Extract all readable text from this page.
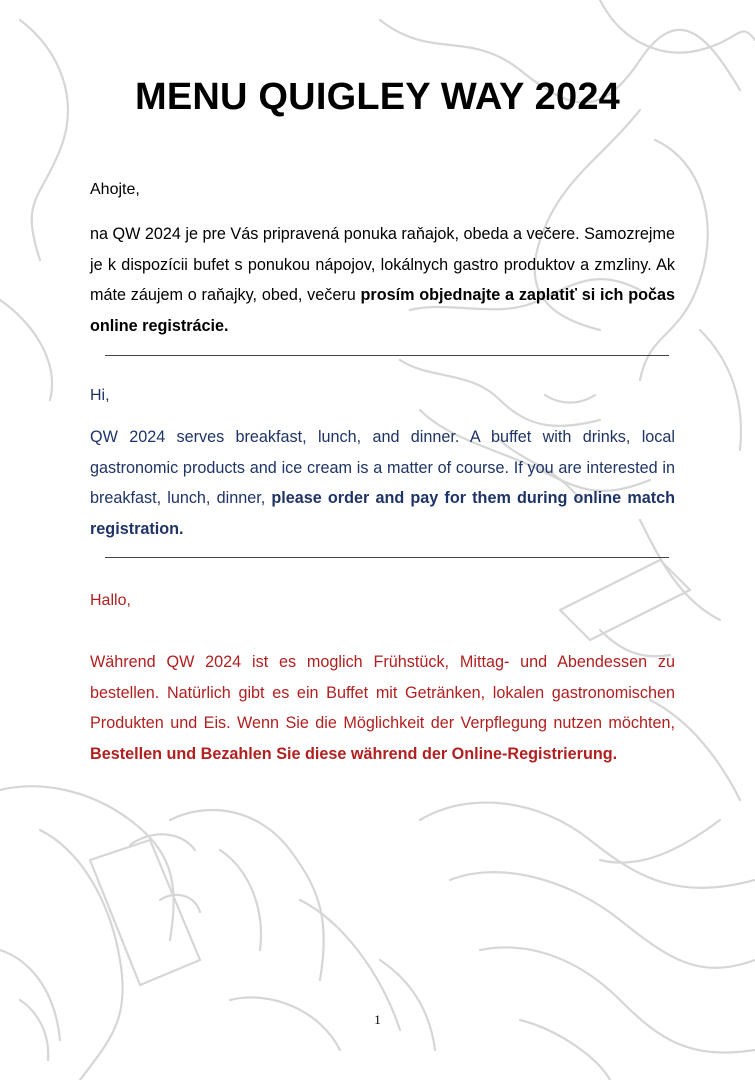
MENU QUIGLEY WAY 2024

Ahojte,

na QW 2024 je pre Vás pripravená ponuka raňajok, obeda a večere. Samozrejme je k dispozícii bufet s ponukou nápojov, lokálnych gastro produktov a zmzliny. Ak máte záujem o raňajky, obed, večeru prosím objednajte a zaplatiť si ich počas online registrácie.

Hi,

QW 2024 serves breakfast, lunch, and dinner. A buffet with drinks, local gastronomic products and ice cream is a matter of course. If you are interested in breakfast, lunch, dinner, please order and pay for them during online match registration.

Hallo,

Während QW 2024 ist es moglich Frühstück, Mittag- und Abendessen zu bestellen. Natürlich gibt es ein Buffet mit Getränken, lokalen gastronomischen Produkten und Eis. Wenn Sie die Möglichkeit der Verpflegung nutzen möchten, Bestellen und Bezahlen Sie diese während der Online-Registrierung.

1
